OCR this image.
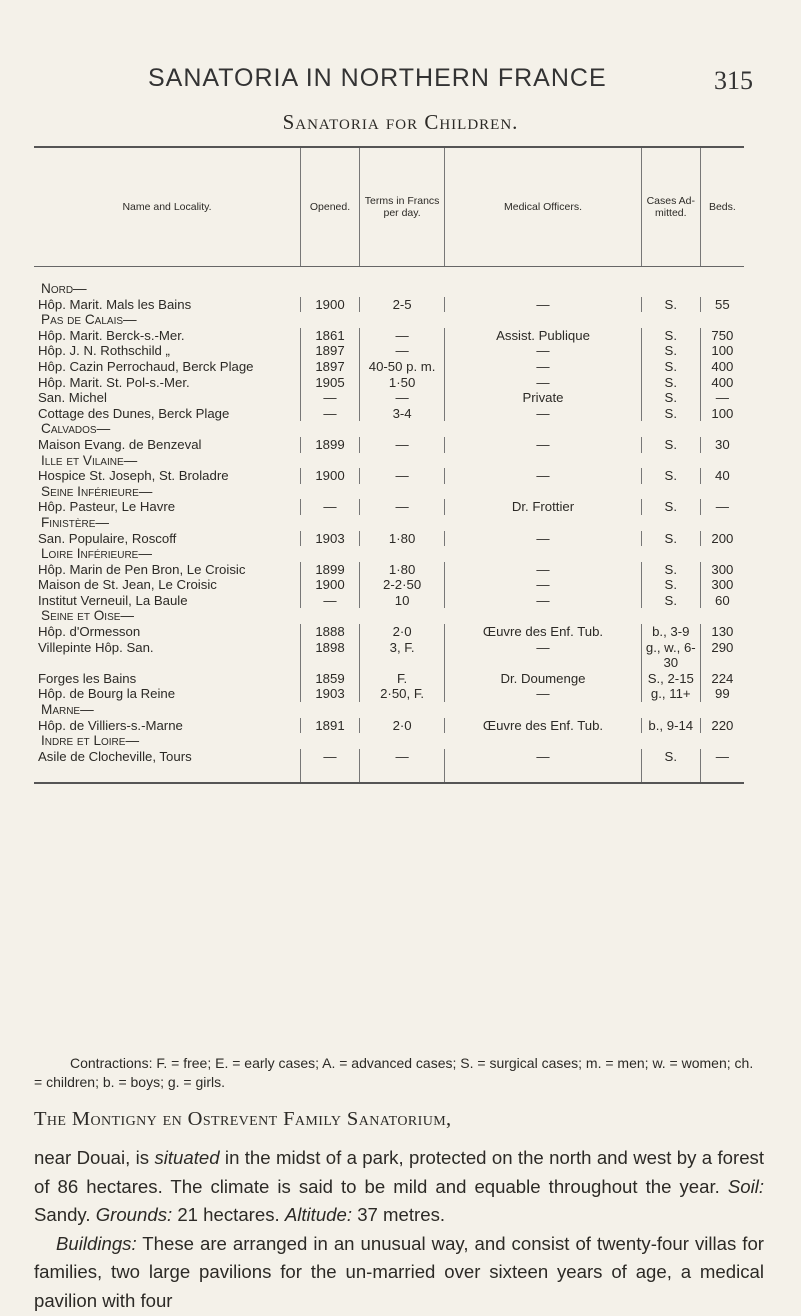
SANATORIA IN NORTHERN FRANCE	315
Sanatoria for Children.
Name and Locality.	Opened.	Terms in Francs per day.	Medical Officers.	Cases Ad-mitted.	Beds.
Nord—					
Hôp. Marit. Mals les Bains	1900	2-5	—	S.	55
Pas de Calais—					
Hôp. Marit. Berck-s.-Mer.	1861	—	Assist. Publique	S.	750
Hôp. J. N. Rothschild „	1897	—	—	S.	100
Hôp. Cazin Perrochaud, Berck Plage	1897	40-50 p. m.	—	S.	400
Hôp. Marit. St. Pol-s.-Mer.	1905	1·50	—	S.	400
San. Michel	—	—	Private	S.	—
Cottage des Dunes, Berck Plage	—	3-4	—	S.	100
Calvados—					
Maison Evang. de Benzeval	1899	—	—	S.	30
Ille et Vilaine—					
Hospice St. Joseph, St. Broladre	1900	—	—	S.	40
Seine Inférieure—					
Hôp. Pasteur, Le Havre	—	—	Dr. Frottier	S.	—
Finistère—					
San. Populaire, Roscoff	1903	1·80	—	S.	200
Loire Inférieure—					
Hôp. Marin de Pen Bron, Le Croisic	1899	1·80	—	S.	300
Maison de St. Jean, Le Croisic	1900	2-2·50	—	S.	300
Institut Verneuil, La Baule	—	10	—	S.	60
Seine et Oise—					
Hôp. d'Ormesson	1888	2·0	Œuvre des Enf. Tub.	b., 3-9	130
Villepinte Hôp. San.	1898	3, F.	—	g., w., 6-30	290
Forges les Bains	1859	F.	Dr. Doumenge	S., 2-15	224
Hôp. de Bourg la Reine	1903	2·50, F.	—	g., 11+	99
Marne—					
Hôp. de Villiers-s.-Marne	1891	2·0	Œuvre des Enf. Tub.	b., 9-14	220
Indre et Loire—					
Asile de Clocheville, Tours	—	—	—	S.	—
Contractions: F. = free; E. = early cases; A. = advanced cases; S. = surgical cases; m. = men; w. = women; ch. = children; b. = boys; g. = girls.
The Montigny en Ostrevent Family Sanatorium,

near Douai, is situated in the midst of a park, protected on the north and west by a forest of 86 hectares. The climate is said to be mild and equable throughout the year. Soil: Sandy. Grounds: 21 hectares. Altitude: 37 metres.

Buildings: These are arranged in an unusual way, and consist of twenty-four villas for families, two large pavilions for the un-married over sixteen years of age, a medical pavilion with four
